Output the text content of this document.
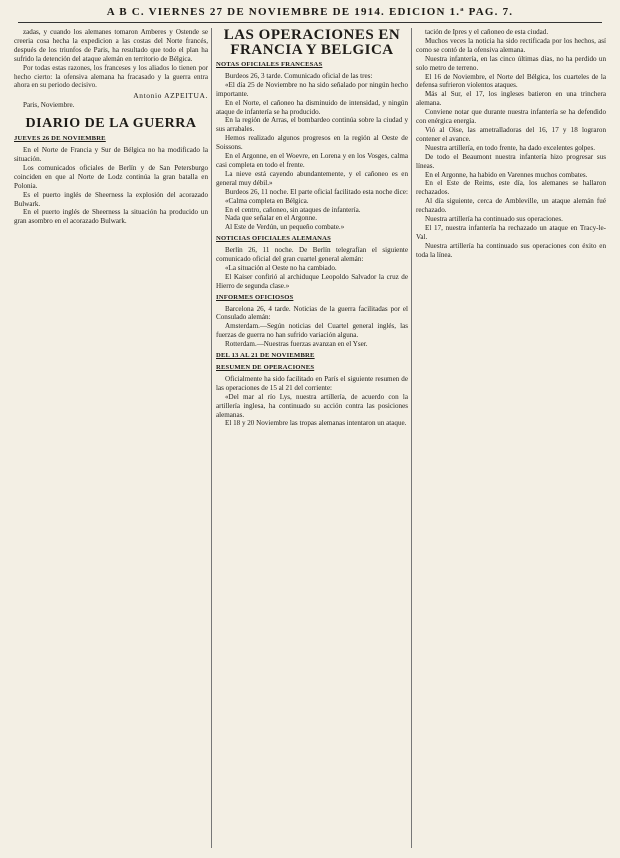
A B C. VIERNES 27 DE NOVIEMBRE DE 1914. EDICION 1.ª PAG. 7.

zadas, y cuando los alemanes tomaron Amberes y Ostende se creeria cosa hecha la expedicion a las costas del Norte francés, después de los triunfos de Paris, ha resultado que todo el plan ha sufrido la detención del ataque alemán en territorio de Bélgica.

Por todas estas razones, los franceses y los aliados lo tienen por hecho cierto: la ofensiva alemana ha fracasado y la guerra entra ahora en su periodo decisivo.

Antonio AZPEITUA.

Paris, Noviembre.

DIARIO DE LA GUERRA
JUEVES 26 DE NOVIEMBRE

En el Norte de Francia y Sur de Bélgica no ha modificado la situación.

Los comunicados oficiales de Berlín y de San Petersburgo coinciden en que al Norte de Lodz continúa la gran batalla en Polonia.

Es el puerto inglés de Sheerness la explosión del acorazado Bulwark.

En el puerto inglés de Sheerness la situación ha producido un gran asombro en el acorazado Bulwark.

LAS OPERACIONES EN
FRANCIA Y BELGICA
NOTAS OFICIALES FRANCESAS

Burdeos 26, 3 tarde. Comunicado oficial de las tres:

«El día 25 de Noviembre no ha sido señalado por ningún hecho importante.

En el Norte, el cañoneo ha disminuido de intensidad, y ningún ataque de infantería se ha producido.

En la región de Arras, el bombardeo continúa sobre la ciudad y sus arrabales.

Hemos realizado algunos progresos en la región al Oeste de Soissons.

En el Argonne, en el Woevre, en Lorena y en los Vosges, calma casi completa en todo el frente.

La nieve está cayendo abundantemente, y el cañoneo es en general muy débil.»

Burdeos 26, 11 noche. El parte oficial facilitado esta noche dice:

«Calma completa en Bélgica.

En el centro, cañoneo, sin ataques de infantería.

Nada que señalar en el Argonne.

Al Este de Verdún, un pequeño combate.»

NOTICIAS OFICIALES ALEMANAS

Berlín 26, 11 noche. De Berlín telegrafían el siguiente comunicado oficial del gran cuartel general alemán:

«La situación al Oeste no ha cambiado.

El Kaiser confirió al archiduque Leopoldo Salvador la cruz de Hierro de segunda clase.»

INFORMES OFICIOSOS

Barcelona 26, 4 tarde. Noticias de la guerra facilitadas por el Consulado alemán:

Amsterdam.—Según noticias del Cuartel general inglés, las fuerzas de guerra no han sufrido variación alguna.

Rotterdam.—Nuestras fuerzas avanzan en el Yser.

DEL 13 AL 21 DE NOVIEMBRE
RESUMEN DE OPERACIONES

Oficialmente ha sido facilitado en París el siguiente resumen de las operaciones de 15 al 21 del corriente:

«Del mar al río Lys, nuestra artillería, de acuerdo con la artillería inglesa, ha continuado su acción contra las posiciones alemanas.

El 18 y 20 Noviembre las tropas alemanas intentaron un ataque.

tación de Ipres y el cañoneo de esta ciudad.

Muchos veces la noticia ha sido rectificada por los hechos, así como se contó de la ofensiva alemana.

Nuestra infantería, en las cinco últimas días, no ha perdido un solo metro de terreno.

El 16 de Noviembre, el Norte del Bélgica, los cuarteles de la defensa sufrieron violentos ataques.

Más al Sur, el 17, los ingleses batieron en una trinchera alemana.

Conviene notar que durante nuestra infantería se ha defendido con enérgica energía.

Vió al Oise, las ametralladoras del 16, 17 y 18 lograron contener el avance.

Nuestra artillería, en todo frente, ha dado excelentes golpes.

De todo el Beaumont nuestra infantería hizo progresar sus líneas.

En el Argonne, ha habido en Varennes muchos combates.

En el Este de Reims, este día, los alemanes se hallaron rechazados.

Al día siguiente, cerca de Ambleville, un ataque alemán fué rechazado.

Nuestra artillería ha continuado sus operaciones.

El 17, nuestra infantería ha rechazado un ataque en Tracy-le-Val.

Nuestra artillería ha continuado sus operaciones con éxito en toda la línea.
